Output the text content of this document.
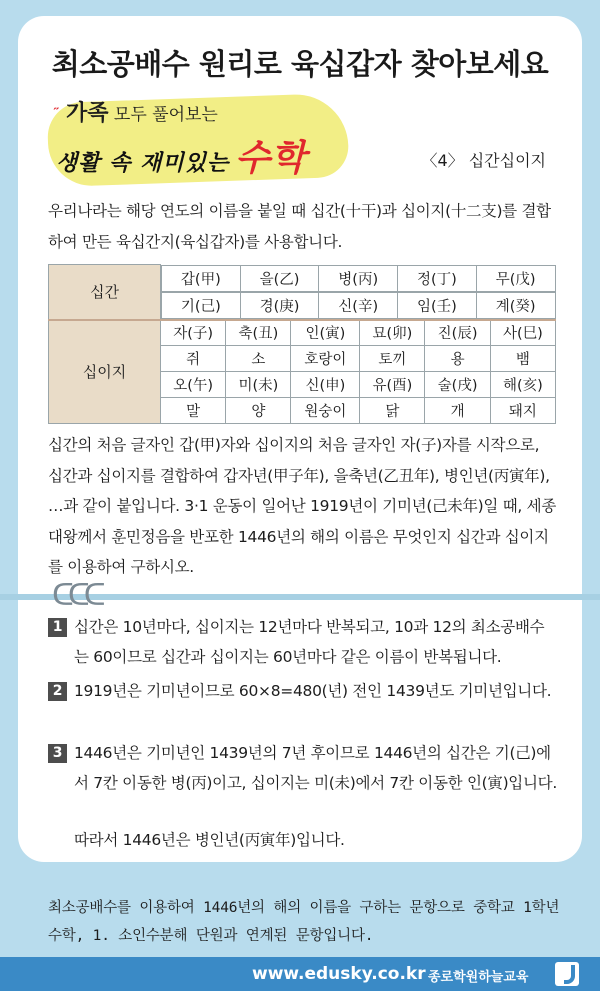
최소공배수 원리로 육십갑자 찾아보세요
˶ 가족 모두 풀어보는
생활 속 재미있는 수학	〈4〉 십간십이지
우리나라는 해당 연도의 이름을 붙일 때 십간(十干)과 십이지(十二支)를 결합하여 만든 육십간지(육십갑자)를 사용합니다.
십간	
갑(甲)	을(乙)	병(丙)	정(丁)	무(戊)

기(己)	경(庚)	신(辛)	임(壬)	계(癸)

십이지	자(子)	축(丑)	인(寅)	묘(卯)	진(辰)	사(巳)
쥐	소	호랑이	토끼	용	뱀
오(午)	미(未)	신(申)	유(酉)	술(戌)	해(亥)
말	양	원숭이	닭	개	돼지
십간의 처음 글자인 갑(甲)자와 십이지의 처음 글자인 자(子)자를 시작으로, 십간과 십이지를 결합하여 갑자년(甲子年), 을축년(乙丑年), 병인년(丙寅年), …과 같이 붙입니다. 3·1 운동이 일어난 1919년이 기미년(己未年)일 때, 세종대왕께서 훈민정음을 반포한 1446년의 해의 이름은 무엇인지 십간과 십이지를 이용하여 구하시오.
ᑕᑕᑕ
1 십간은 10년마다, 십이지는 12년마다 반복되고, 10과 12의 최소공배수는 60이므로 십간과 십이지는 60년마다 같은 이름이 반복됩니다.
2 1919년은 기미년이므로 60×8=480(년) 전인 1439년도 기미년입니다.
3 1446년은 기미년인 1439년의 7년 후이므로 1446년의 십간은 기(己)에서 7칸 이동한 병(丙)이고, 십이지는 미(未)에서 7칸 이동한 인(寅)입니다.
따라서 1446년은 병인년(丙寅年)입니다.
최소공배수를 이용하여 1446년의 해의 이름을 구하는 문항으로 중학교 1학년 수학, 1. 소인수분해 단원과 연계된 문항입니다.
www.edusky.co.kr 종로학원하늘교육
